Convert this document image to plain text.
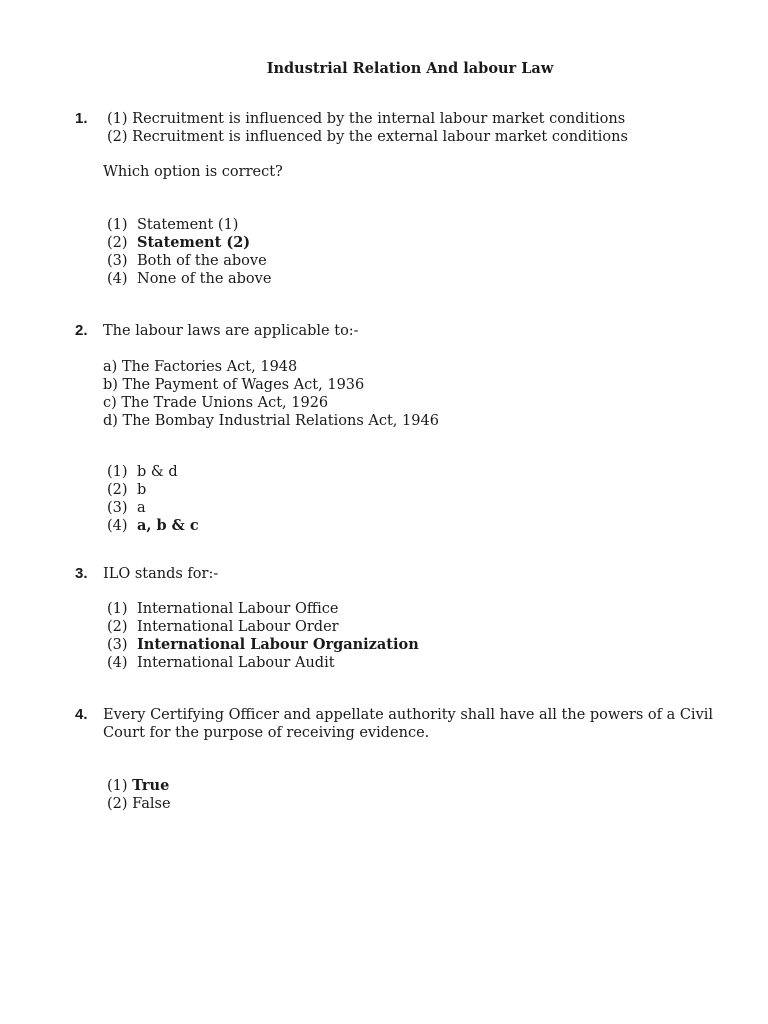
Industrial Relation And labour Law
1. (1) Recruitment is influenced by the internal labour market conditions
(2) Recruitment is influenced by the external labour market conditions
Which option is correct?
(1) Statement (1)
(2) Statement (2)
(3) Both of the above
(4) None of the above
2. The labour laws are applicable to:-
a) The Factories Act, 1948
b) The Payment of Wages Act, 1936
c) The Trade Unions Act, 1926
d) The Bombay Industrial Relations Act, 1946
(1) b & d
(2) b
(3) a
(4) a, b & c
3. ILO stands for:-
(1) International Labour Office
(2) International Labour Order
(3) International Labour Organization
(4) International Labour Audit
4. Every Certifying Officer and appellate authority shall have all the powers of a Civil Court for the purpose of receiving evidence.
(1) True
(2) False
